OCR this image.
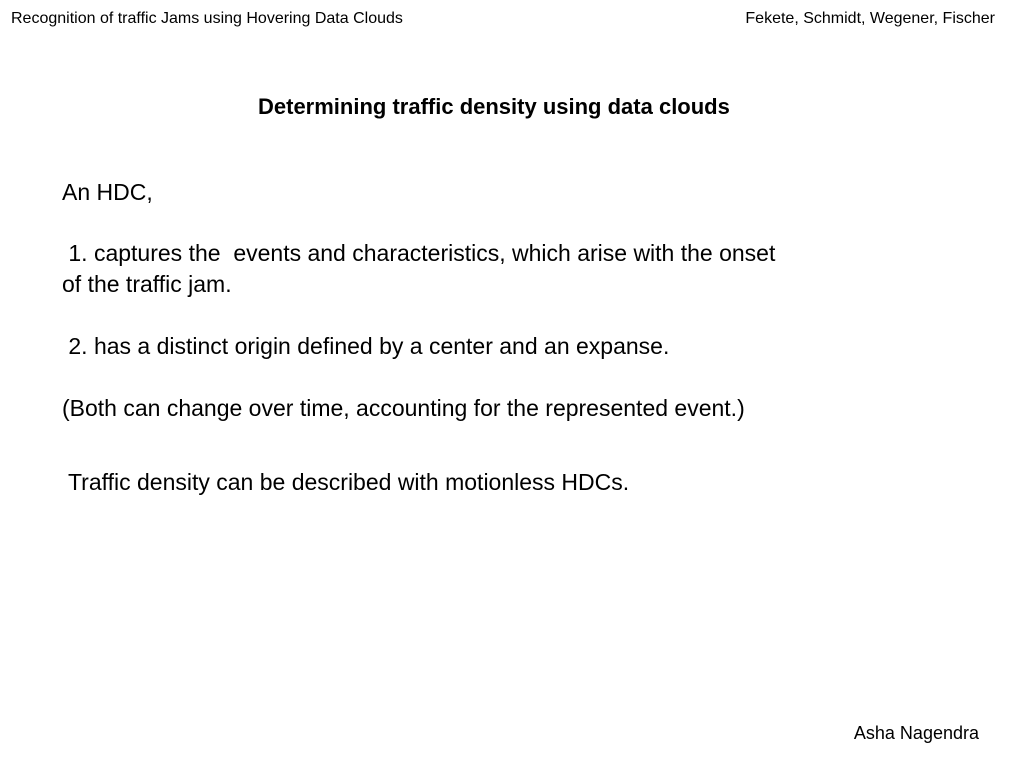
Recognition of traffic Jams using Hovering Data Clouds	Fekete, Schmidt, Wegener, Fischer
Determining traffic density using data clouds
An HDC,
1. captures the  events and characteristics, which arise with the onset
of the traffic jam.
2. has a distinct origin defined by a center and an expanse.
(Both can change over time, accounting for the represented event.)
Traffic density can be described with motionless HDCs.
Asha Nagendra
